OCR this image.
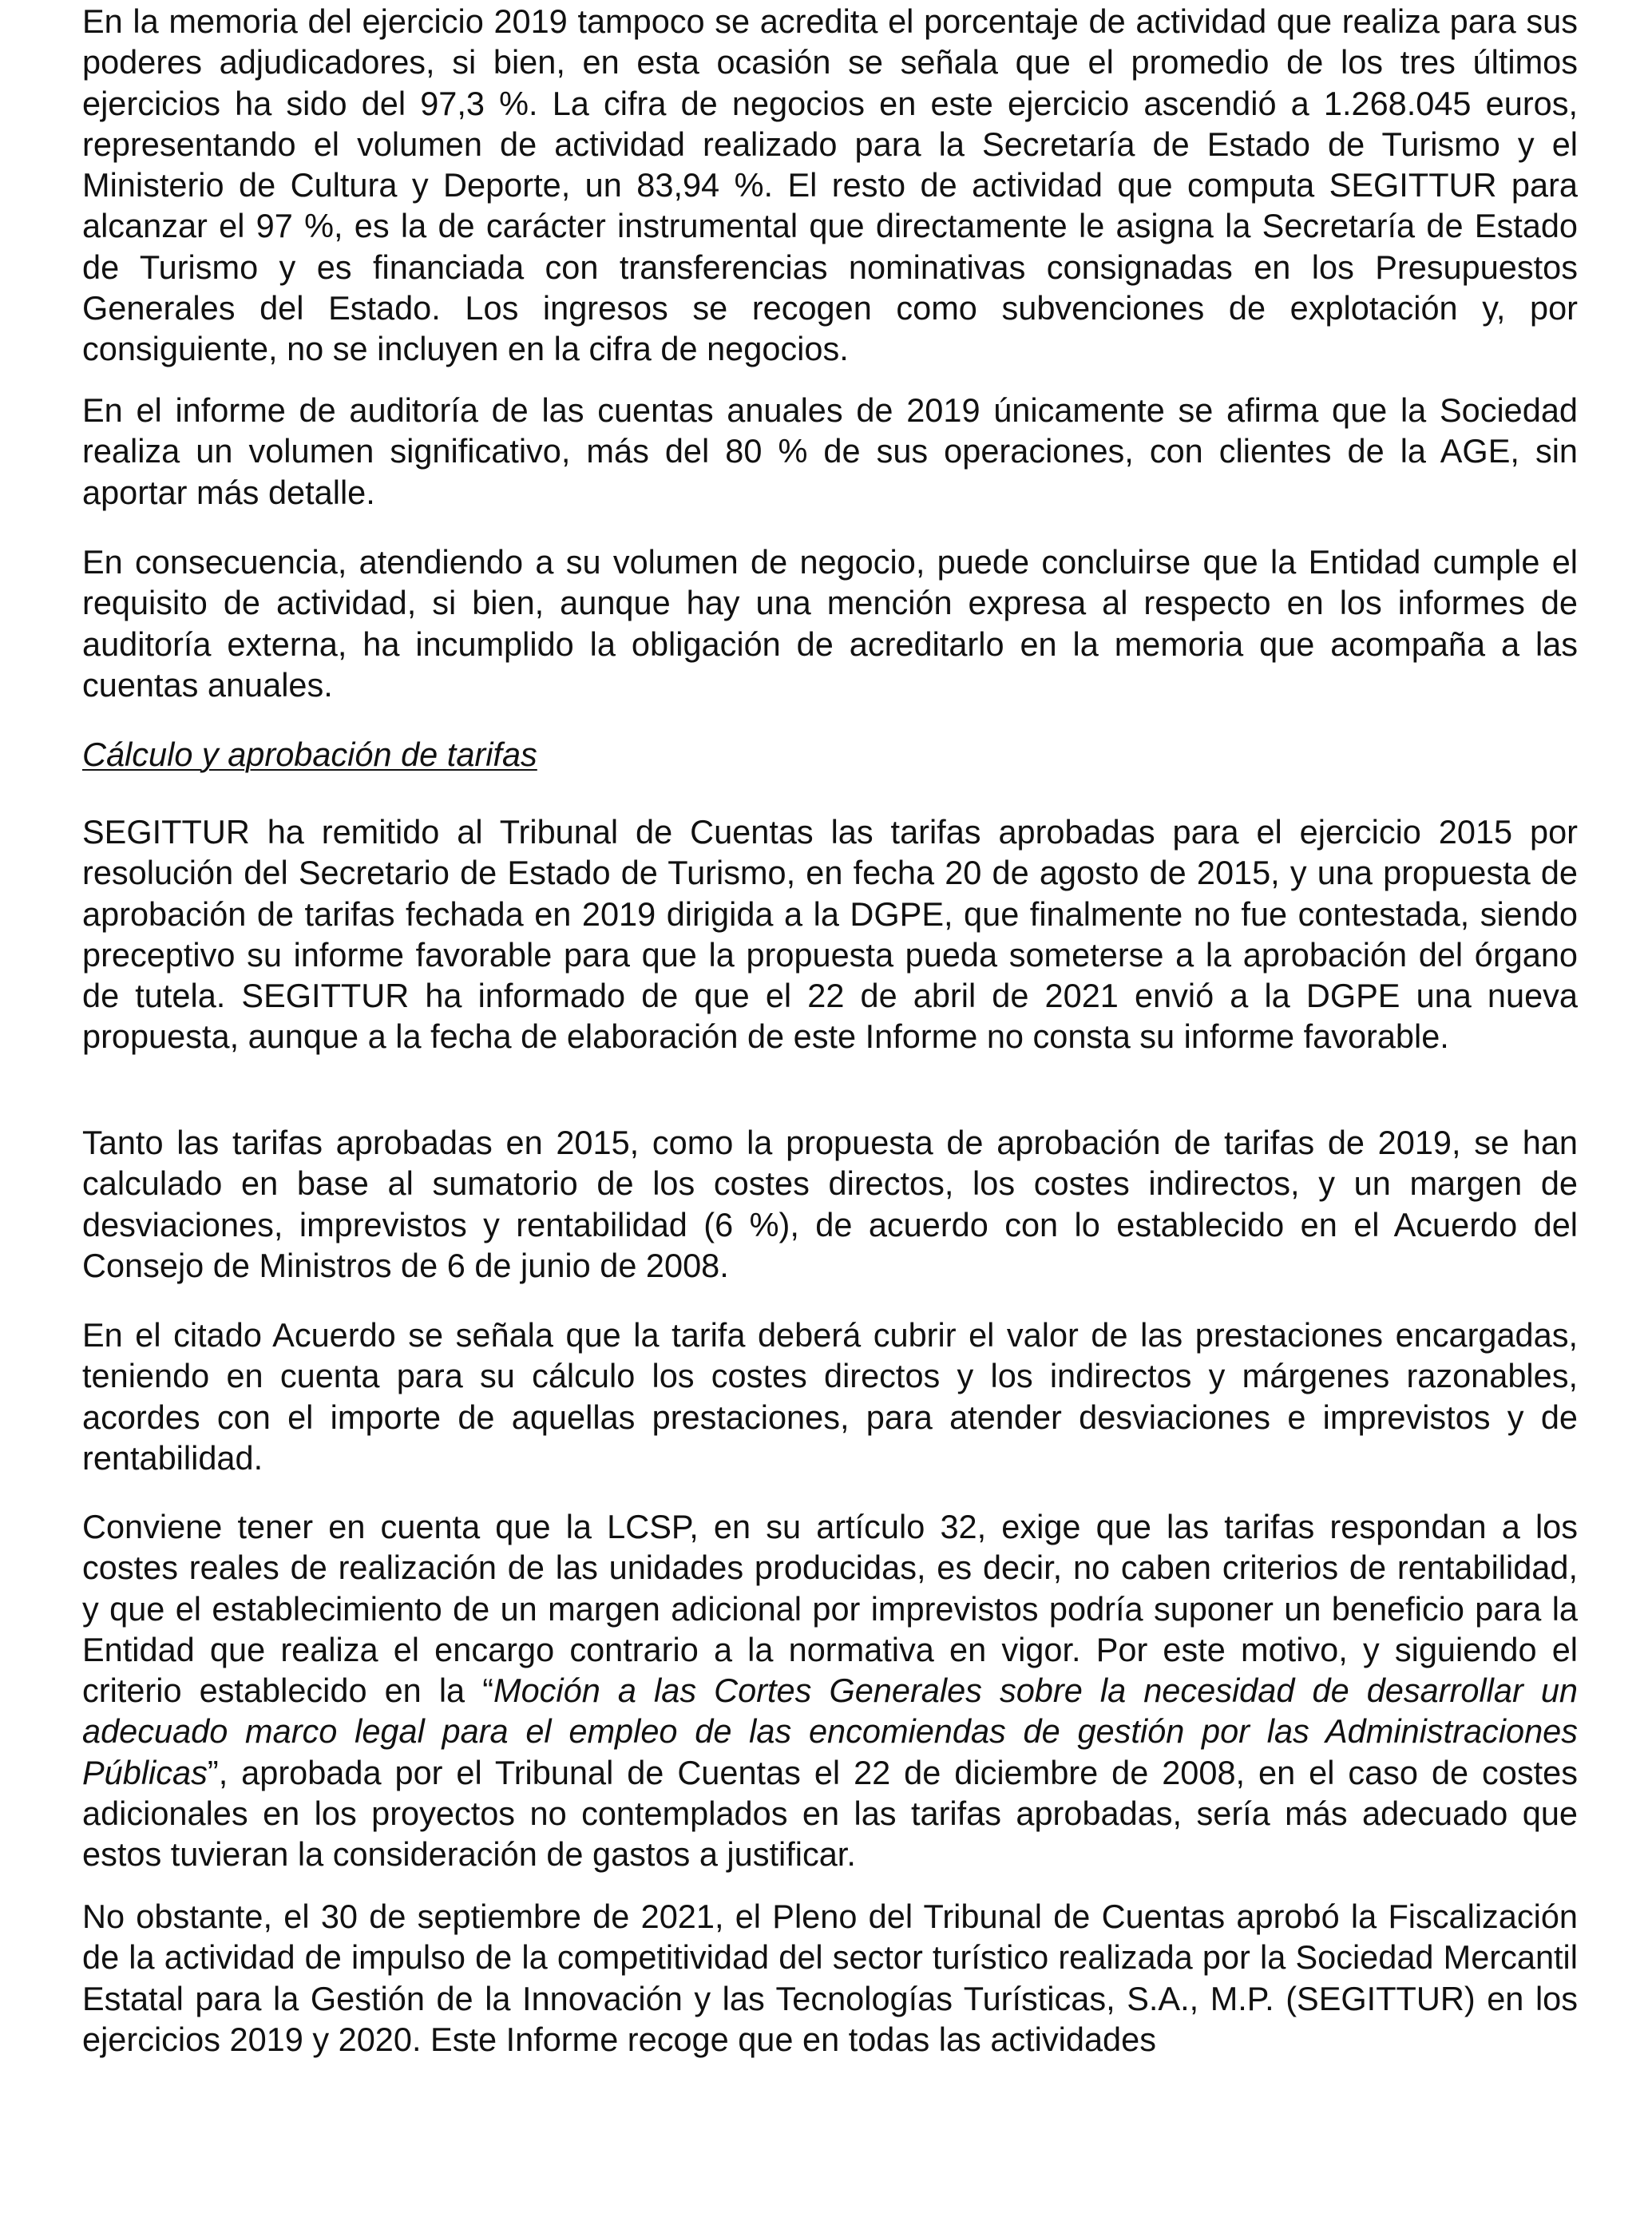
En la memoria del ejercicio 2019 tampoco se acredita el porcentaje de actividad que realiza para sus poderes adjudicadores, si bien, en esta ocasión se señala que el promedio de los tres últimos ejercicios ha sido del 97,3 %. La cifra de negocios en este ejercicio ascendió a 1.268.045 euros, representando el volumen de actividad realizado para la Secretaría de Estado de Turismo y el Ministerio de Cultura y Deporte, un 83,94 %. El resto de actividad que computa SEGITTUR para alcanzar el 97 %, es la de carácter instrumental que directamente le asigna la Secretaría de Estado de Turismo y es financiada con transferencias nominativas consignadas en los Presupuestos Generales del Estado. Los ingresos se recogen como subvenciones de explotación y, por consiguiente, no se incluyen en la cifra de negocios.

En el informe de auditoría de las cuentas anuales de 2019 únicamente se afirma que la Sociedad realiza un volumen significativo, más del 80 % de sus operaciones, con clientes de la AGE, sin aportar más detalle.

En consecuencia, atendiendo a su volumen de negocio, puede concluirse que la Entidad cumple el requisito de actividad, si bien, aunque hay una mención expresa al respecto en los informes de auditoría externa, ha incumplido la obligación de acreditarlo en la memoria que acompaña a las cuentas anuales.

Cálculo y aprobación de tarifas

SEGITTUR ha remitido al Tribunal de Cuentas las tarifas aprobadas para el ejercicio 2015 por resolución del Secretario de Estado de Turismo, en fecha 20 de agosto de 2015, y una propuesta de aprobación de tarifas fechada en 2019 dirigida a la DGPE, que finalmente no fue contestada, siendo preceptivo su informe favorable para que la propuesta pueda someterse a la aprobación del órgano de tutela. SEGITTUR ha informado de que el 22 de abril de 2021 envió a la DGPE una nueva propuesta, aunque a la fecha de elaboración de este Informe no consta su informe favorable.

Tanto las tarifas aprobadas en 2015, como la propuesta de aprobación de tarifas de 2019, se han calculado en base al sumatorio de los costes directos, los costes indirectos, y un margen de desviaciones, imprevistos y rentabilidad (6 %), de acuerdo con lo establecido en el Acuerdo del Consejo de Ministros de 6 de junio de 2008.

En el citado Acuerdo se señala que la tarifa deberá cubrir el valor de las prestaciones encargadas, teniendo en cuenta para su cálculo los costes directos y los indirectos y márgenes razonables, acordes con el importe de aquellas prestaciones, para atender desviaciones e imprevistos y de rentabilidad.

Conviene tener en cuenta que la LCSP, en su artículo 32, exige que las tarifas respondan a los costes reales de realización de las unidades producidas, es decir, no caben criterios de rentabilidad, y que el establecimiento de un margen adicional por imprevistos podría suponer un beneficio para la Entidad que realiza el encargo contrario a la normativa en vigor. Por este motivo, y siguiendo el criterio establecido en la “Moción a las Cortes Generales sobre la necesidad de desarrollar un adecuado marco legal para el empleo de las encomiendas de gestión por las Administraciones Públicas”, aprobada por el Tribunal de Cuentas el 22 de diciembre de 2008, en el caso de costes adicionales en los proyectos no contemplados en las tarifas aprobadas, sería más adecuado que estos tuvieran la consideración de gastos a justificar.

No obstante, el 30 de septiembre de 2021, el Pleno del Tribunal de Cuentas aprobó la Fiscalización de la actividad de impulso de la competitividad del sector turístico realizada por la Sociedad Mercantil Estatal para la Gestión de la Innovación y las Tecnologías Turísticas, S.A., M.P. (SEGITTUR) en los ejercicios 2019 y 2020. Este Informe recoge que en todas las actividades
